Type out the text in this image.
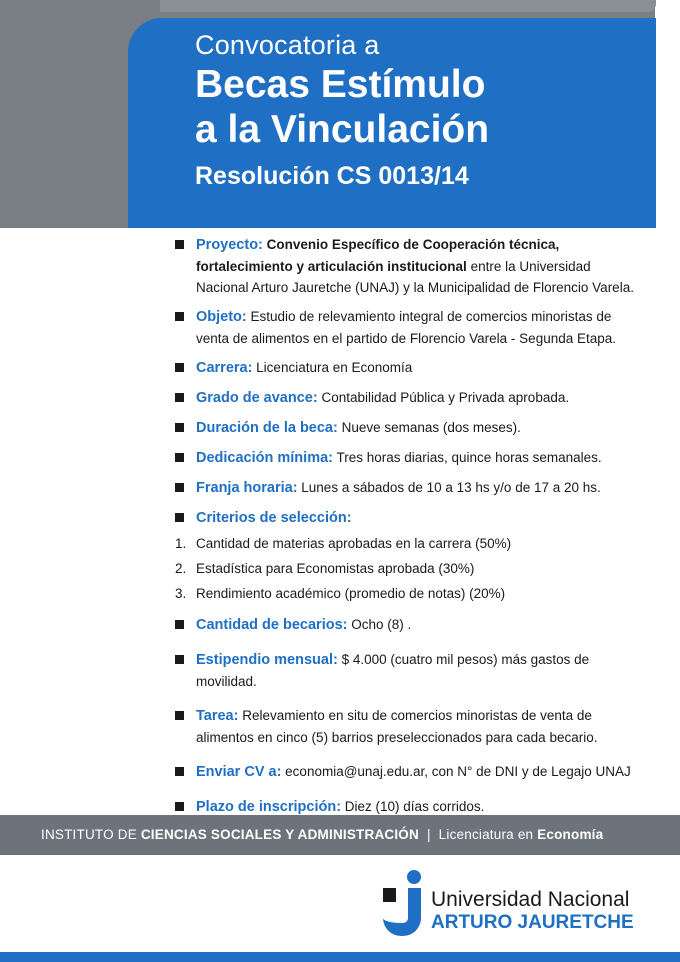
Convocatoria a
Becas Estímulo
a la Vinculación
Resolución CS 0013/14
Proyecto: Convenio Específico de Cooperación técnica, fortalecimiento y articulación institucional entre la Universidad Nacional Arturo Jauretche (UNAJ) y la Municipalidad de Florencio Varela.
Objeto: Estudio de relevamiento integral de comercios minoristas de venta de alimentos en el partido de Florencio Varela - Segunda Etapa.
Carrera: Licenciatura en Economía
Grado de avance: Contabilidad Pública y Privada aprobada.
Duración de la beca: Nueve semanas (dos meses).
Dedicación mínima: Tres horas diarias, quince horas semanales.
Franja horaria: Lunes a sábados de 10 a 13 hs y/o de 17 a 20 hs.
Criterios de selección:
1. Cantidad de materias aprobadas en la carrera (50%)
2. Estadística para Economistas aprobada (30%)
3. Rendimiento académico (promedio de notas) (20%)
Cantidad de becarios: Ocho (8) .
Estipendio mensual: $ 4.000 (cuatro mil pesos) más gastos de movilidad.
Tarea: Relevamiento en situ de comercios minoristas de venta de alimentos en cinco (5) barrios preseleccionados para cada becario.
Enviar CV a: economia@unaj.edu.ar, con N° de DNI y de Legajo UNAJ
Plazo de inscripción: Diez (10) días corridos.
INSTITUTO DE CIENCIAS SOCIALES Y ADMINISTRACIÓN | Licenciatura en Economía
Universidad Nacional
ARTURO JAURETCHE
